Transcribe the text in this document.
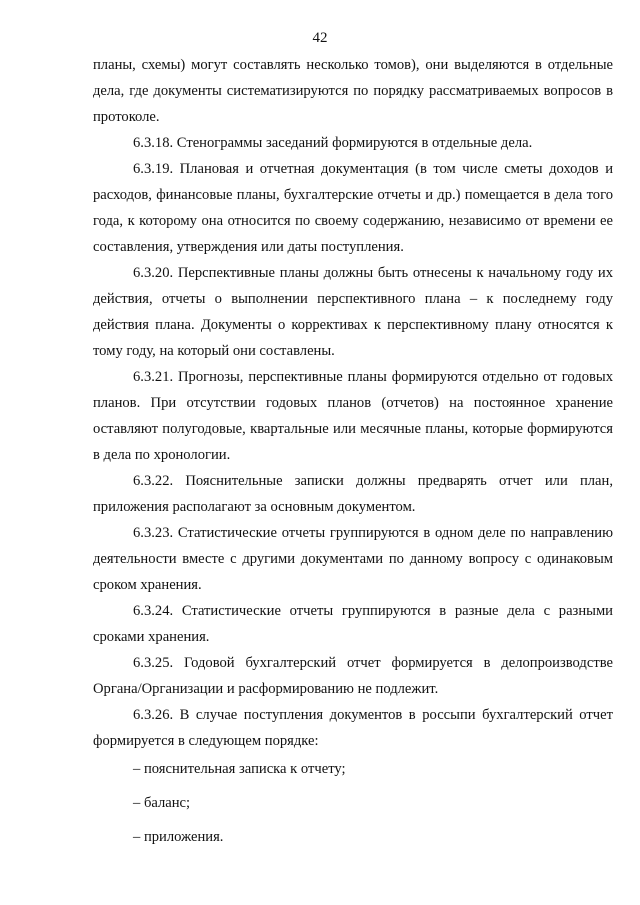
42

планы, схемы) могут составлять несколько томов), они выделяются в отдельные дела, где документы систематизируются по порядку рассматриваемых вопросов в протоколе.

6.3.18. Стенограммы заседаний формируются в отдельные дела.

6.3.19. Плановая и отчетная документация (в том числе сметы доходов и расходов, финансовые планы, бухгалтерские отчеты и др.) помещается в дела того года, к которому она относится по своему содержанию, независимо от времени ее составления, утверждения или даты поступления.

6.3.20. Перспективные планы должны быть отнесены к начальному году их действия, отчеты о выполнении перспективного плана – к последнему году действия плана. Документы о коррективах к перспективному плану относятся к тому году, на который они составлены.

6.3.21. Прогнозы, перспективные планы формируются отдельно от годовых планов. При отсутствии годовых планов (отчетов) на постоянное хранение оставляют полугодовые, квартальные или месячные планы, которые формируются в дела по хронологии.

6.3.22. Пояснительные записки должны предварять отчет или план, приложения располагают за основным документом.

6.3.23. Статистические отчеты группируются в одном деле по направлению деятельности вместе с другими документами по данному вопросу с одинаковым сроком хранения.

6.3.24. Статистические отчеты группируются в разные дела с разными сроками хранения.

6.3.25. Годовой бухгалтерский отчет формируется в делопроизводстве Органа/Организации и расформированию не подлежит.

6.3.26. В случае поступления документов в россыпи бухгалтерский отчет формируется в следующем порядке:

– пояснительная записка к отчету;
– баланс;
– приложения.
